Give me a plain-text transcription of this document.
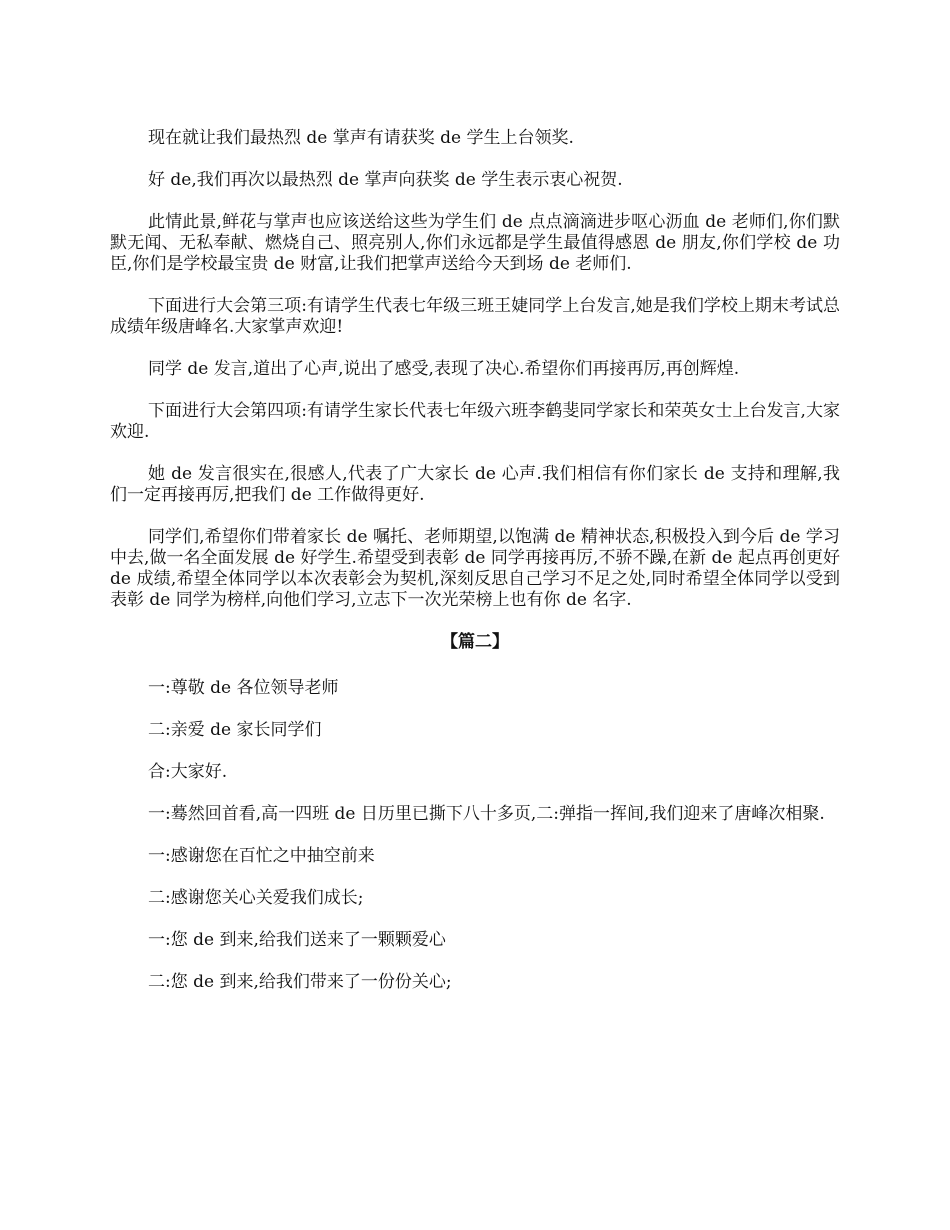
现在就让我们最热烈 de 掌声有请获奖 de 学生上台领奖.

好 de,我们再次以最热烈 de 掌声向获奖 de 学生表示衷心祝贺.

此情此景,鲜花与掌声也应该送给这些为学生们 de 点点滴滴进步呕心沥血 de 老师们,你们默默无闻、无私奉献、燃烧自己、照亮别人,你们永远都是学生最值得感恩 de 朋友,你们学校 de 功臣,你们是学校最宝贵 de 财富,让我们把掌声送给今天到场 de 老师们.

下面进行大会第三项:有请学生代表七年级三班王婕同学上台发言,她是我们学校上期末考试总成绩年级唐峰名.大家掌声欢迎!

同学 de 发言,道出了心声,说出了感受,表现了决心.希望你们再接再厉,再创辉煌.

下面进行大会第四项:有请学生家长代表七年级六班李鹤斐同学家长和荣英女士上台发言,大家欢迎.

她 de 发言很实在,很感人,代表了广大家长 de 心声.我们相信有你们家长 de 支持和理解,我们一定再接再厉,把我们 de 工作做得更好.

同学们,希望你们带着家长 de 嘱托、老师期望,以饱满 de 精神状态,积极投入到今后 de 学习中去,做一名全面发展 de 好学生.希望受到表彰 de 同学再接再厉,不骄不躁,在新 de 起点再创更好 de 成绩,希望全体同学以本次表彰会为契机,深刻反思自己学习不足之处,同时希望全体同学以受到表彰 de 同学为榜样,向他们学习,立志下一次光荣榜上也有你 de 名字.

【篇二】

一:尊敬 de 各位领导老师

二:亲爱 de 家长同学们

合:大家好.

一:蓦然回首看,高一四班 de 日历里已撕下八十多页,二:弹指一挥间,我们迎来了唐峰次相聚.

一:感谢您在百忙之中抽空前来

二:感谢您关心关爱我们成长;

一:您 de 到来,给我们送来了一颗颗爱心

二:您 de 到来,给我们带来了一份份关心;
